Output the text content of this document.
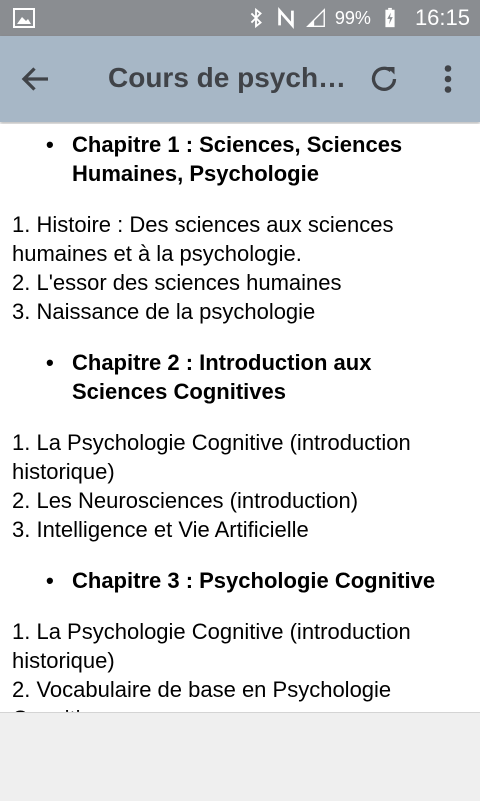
99% 16:15
Cours de psych…
• Chapitre 1 : Sciences, Sciences Humaines, Psychologie
1. Histoire : Des sciences aux sciences humaines et à la psychologie.
2. L'essor des sciences humaines
3. Naissance de la psychologie
• Chapitre 2 : Introduction aux Sciences Cognitives
1. La Psychologie Cognitive (introduction historique)
2. Les Neurosciences (introduction)
3. Intelligence et Vie Artificielle
• Chapitre 3 : Psychologie Cognitive
1. La Psychologie Cognitive (introduction historique)
2. Vocabulaire de base en Psychologie
